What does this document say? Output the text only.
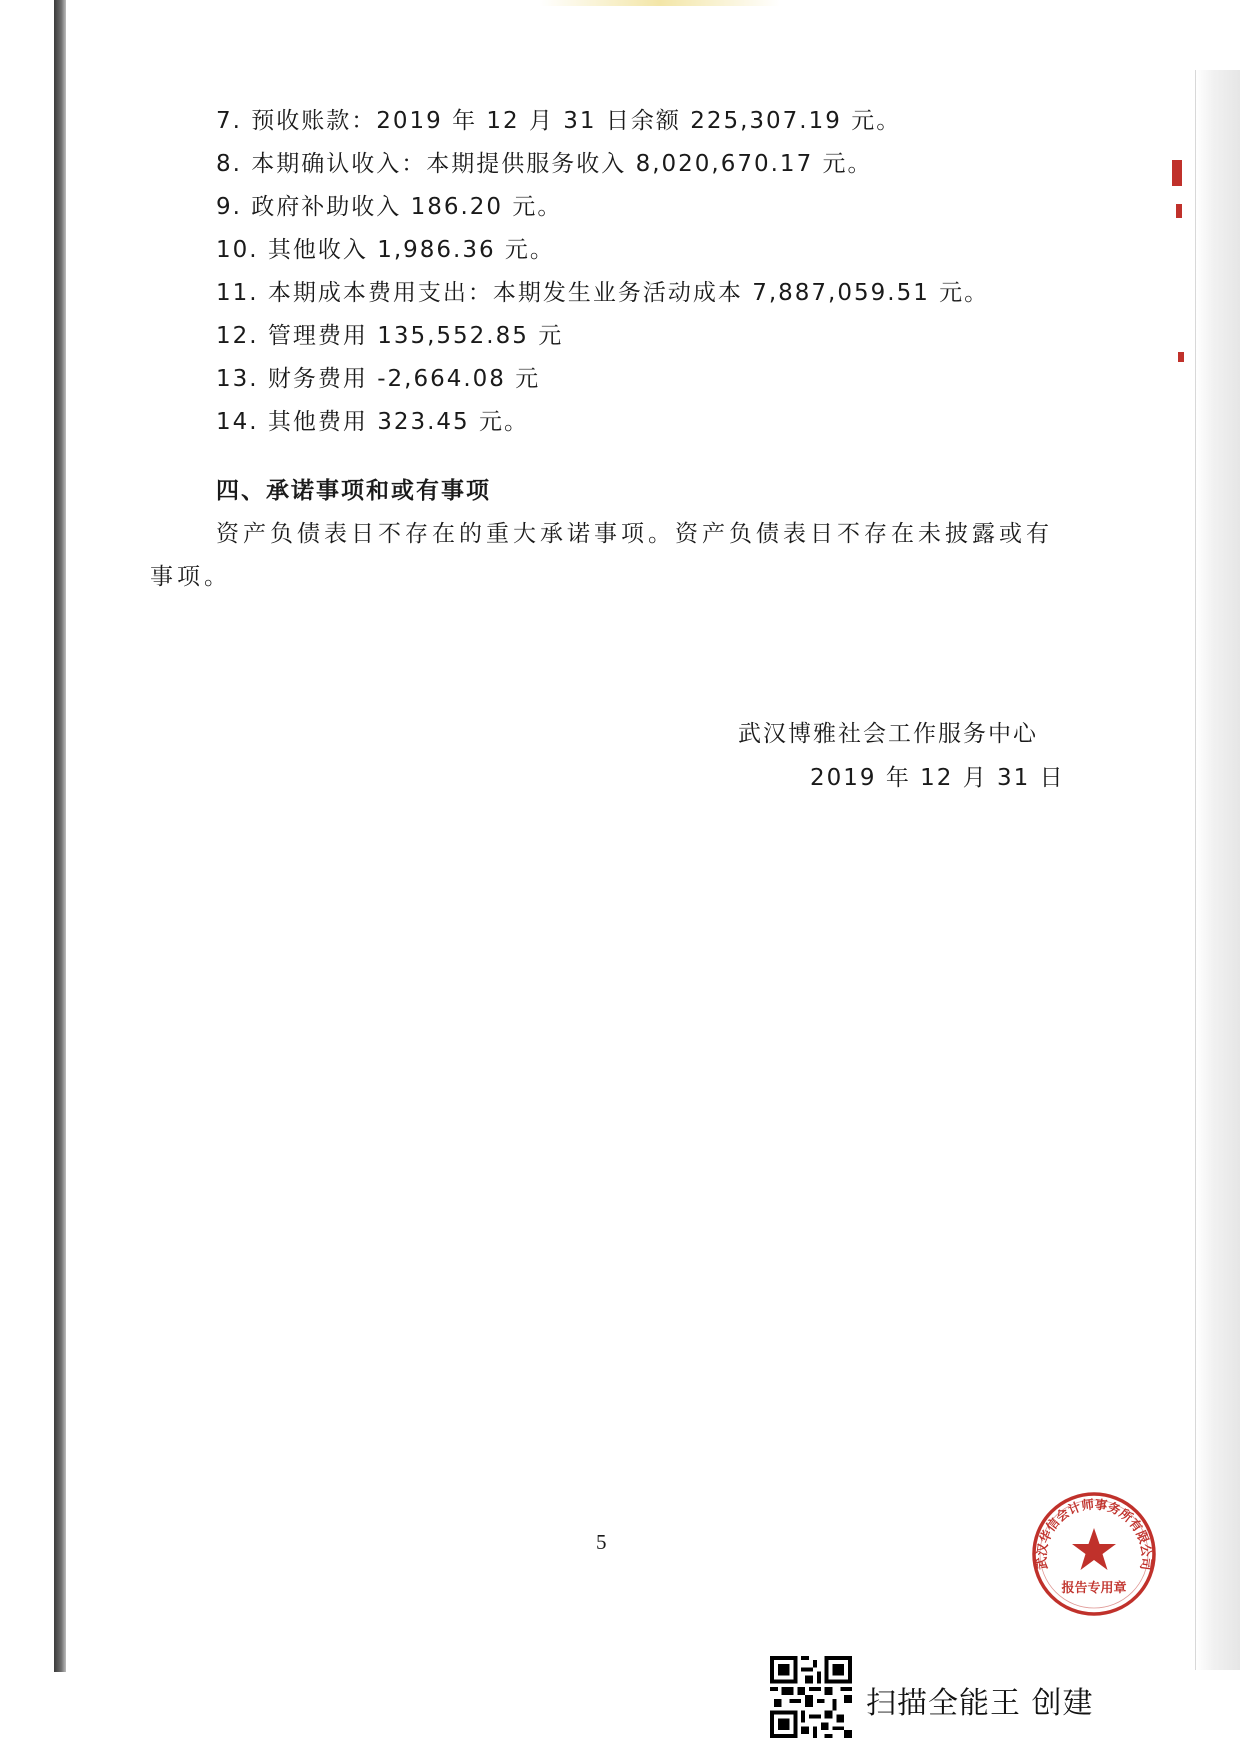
7. 预收账款：2019 年 12 月 31 日余额 225,307.19 元。
8. 本期确认收入：本期提供服务收入 8,020,670.17 元。
9. 政府补助收入 186.20 元。
10. 其他收入 1,986.36 元。
11. 本期成本费用支出：本期发生业务活动成本 7,887,059.51 元。
12. 管理费用 135,552.85 元
13. 财务费用 -2,664.08 元
14. 其他费用 323.45 元。
四、承诺事项和或有事项
资产负债表日不存在的重大承诺事项。资产负债表日不存在未披露或有事项。
武汉博雅社会工作服务中心
2019 年 12 月 31 日
5
武汉华信会计师事务所有限公司
报告专用章
扫描全能王 创建
